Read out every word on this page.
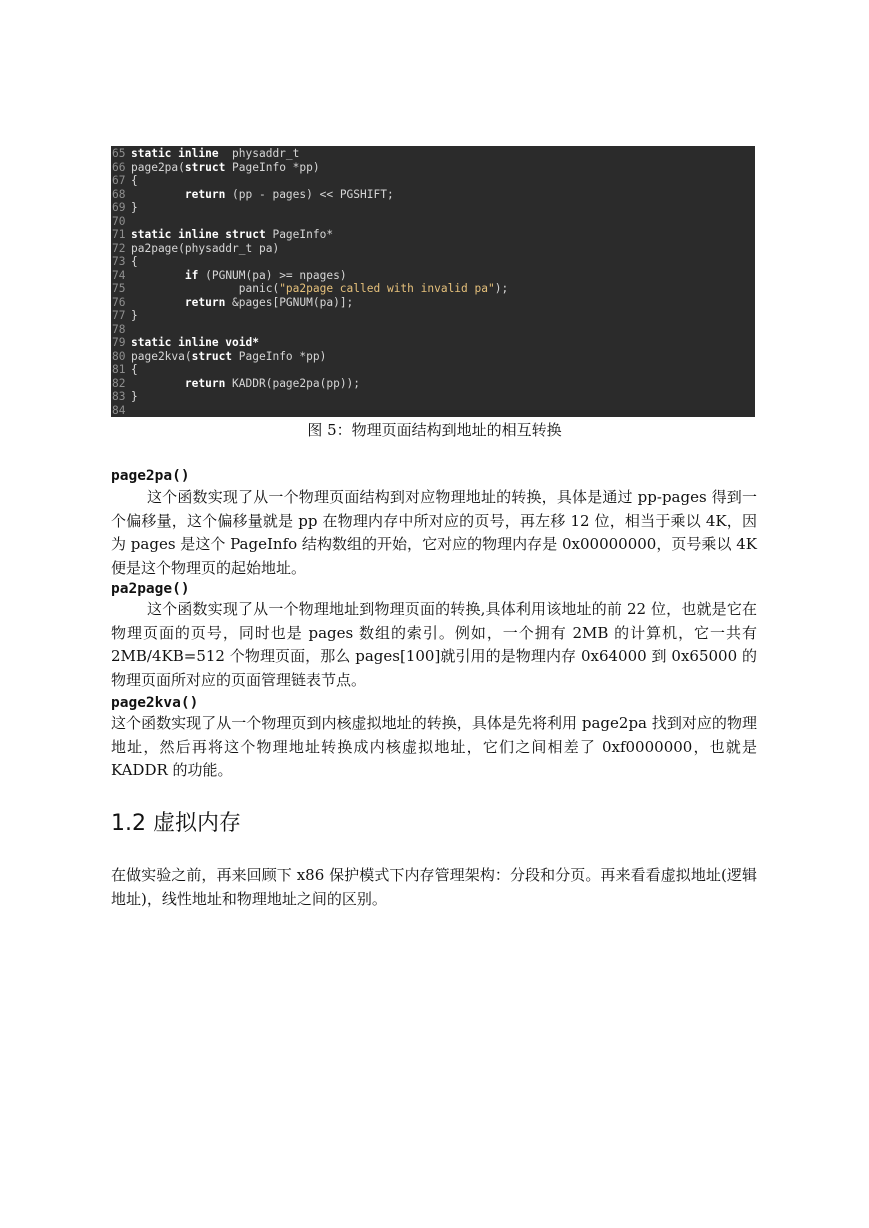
65 static inline  physaddr_t
66 page2pa(struct PageInfo *pp)
67 {
68	return (pp - pages) << PGSHIFT;
69 }
70
71 static inline struct PageInfo*
72 pa2page(physaddr_t pa)
73 {
74	if (PGNUM(pa) >= npages)
75 panic("pa2page called with invalid pa");
76	return &pages[PGNUM(pa)];
77 }
78
79 static inline void*
80 page2kva(struct PageInfo *pp)
81 {
82	return KADDR(page2pa(pp));
83 }
84
图 5：物理页面结构到地址的相互转换
page2pa()
这个函数实现了从一个物理页面结构到对应物理地址的转换，具体是通过 pp-pages 得到一个偏移量，这个偏移量就是 pp 在物理内存中所对应的页号，再左移 12 位，相当于乘以 4K，因为 pages 是这个 PageInfo 结构数组的开始，它对应的物理内存是 0x00000000，页号乘以 4K 便是这个物理页的起始地址。
pa2page()
这个函数实现了从一个物理地址到物理页面的转换,具体利用该地址的前 22 位，也就是它在物理页面的页号，同时也是 pages 数组的索引。例如，一个拥有 2MB 的计算机，它一共有 2MB/4KB=512 个物理页面，那么 pages[100]就引用的是物理内存 0x64000 到 0x65000 的物理页面所对应的页面管理链表节点。
page2kva()
这个函数实现了从一个物理页到内核虚拟地址的转换，具体是先将利用 page2pa 找到对应的物理地址，然后再将这个物理地址转换成内核虚拟地址，它们之间相差了 0xf0000000，也就是 KADDR 的功能。
1.2 虚拟内存
在做实验之前，再来回顾下 x86 保护模式下内存管理架构：分段和分页。再来看看虚拟地址(逻辑地址)，线性地址和物理地址之间的区别。
